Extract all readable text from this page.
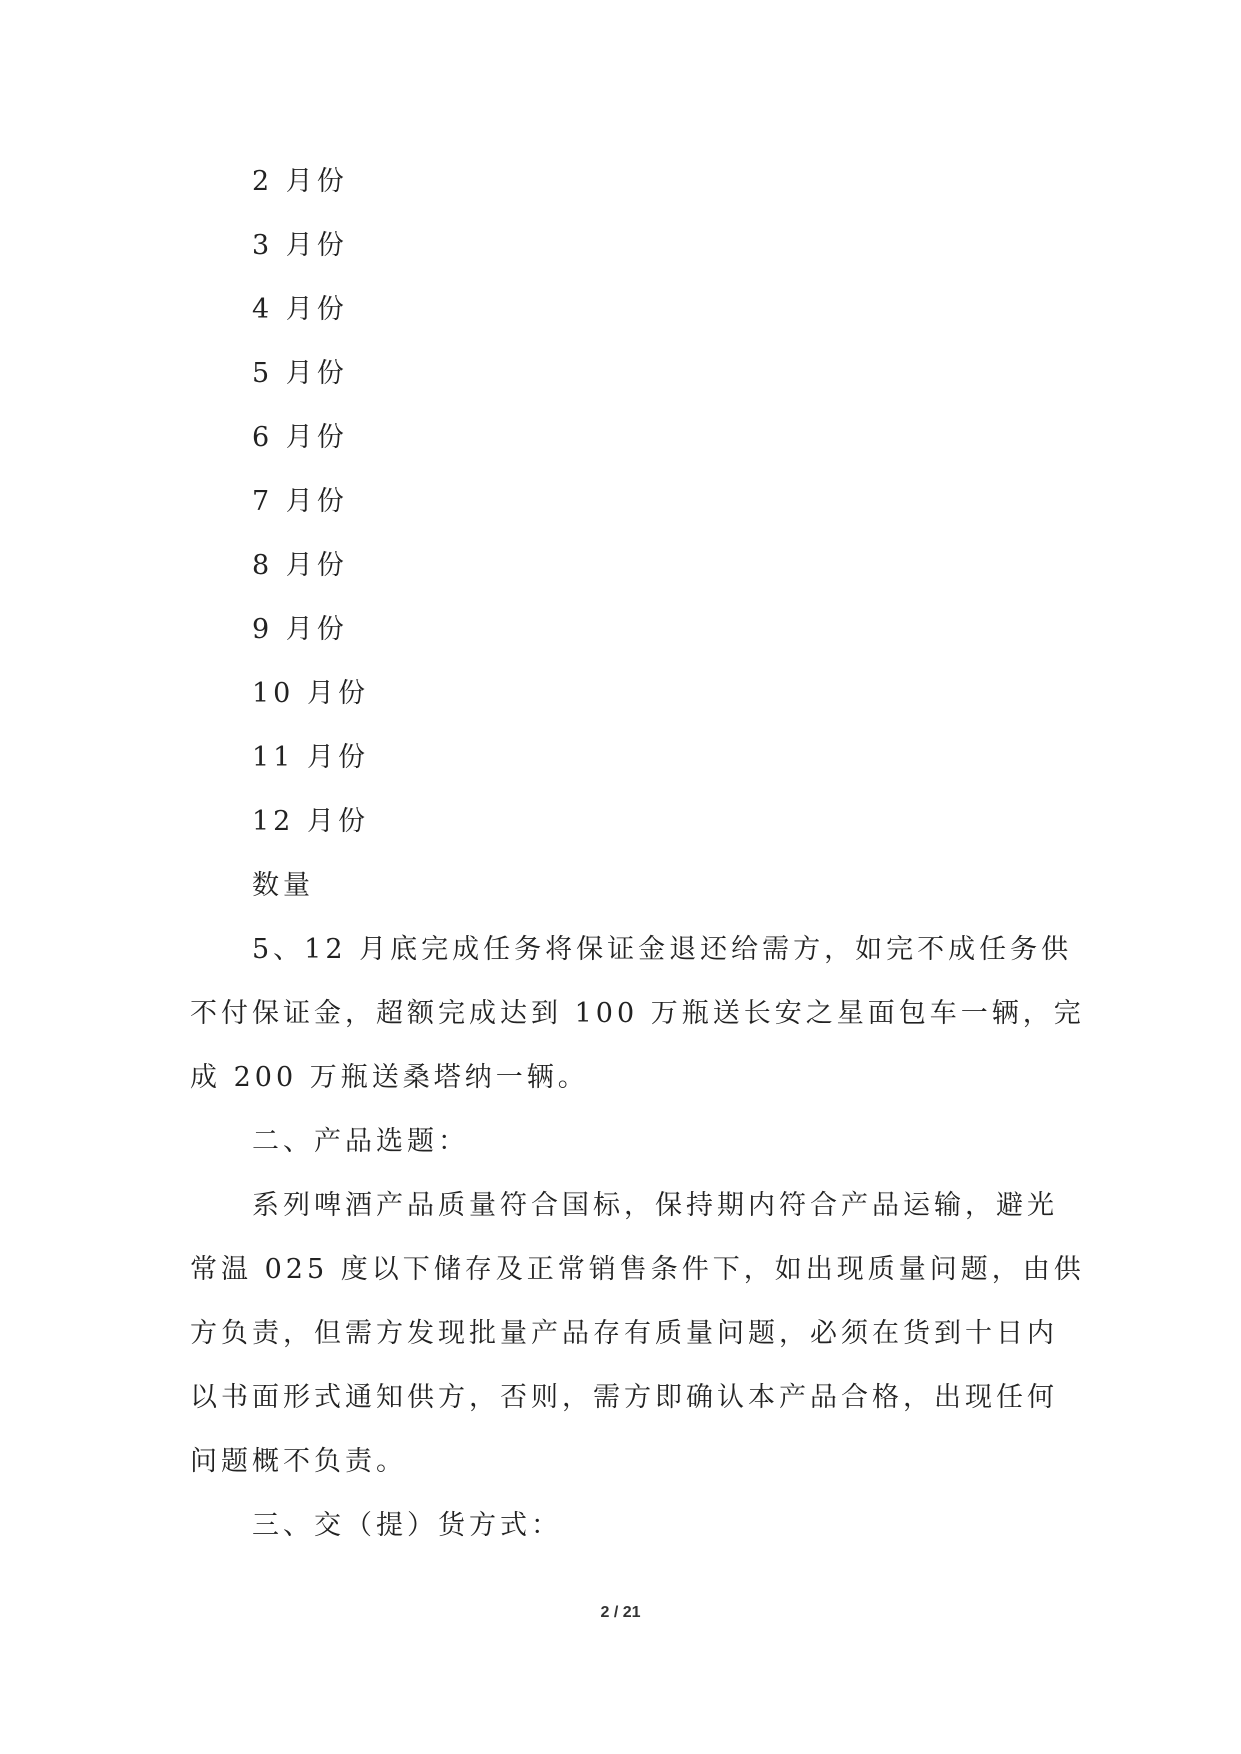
2 月份
3 月份
4 月份
5 月份
6 月份
7 月份
8 月份
9 月份
10 月份
11 月份
12 月份
数量
5、12 月底完成任务将保证金退还给需方，如完不成任务供
不付保证金，超额完成达到 100 万瓶送长安之星面包车一辆，完
成 200 万瓶送桑塔纳一辆。
二、产品选题：
系列啤酒产品质量符合国标，保持期内符合产品运输，避光
常温 025 度以下储存及正常销售条件下，如出现质量问题，由供
方负责，但需方发现批量产品存有质量问题，必须在货到十日内
以书面形式通知供方，否则，需方即确认本产品合格，出现任何
问题概不负责。
三、交（提）货方式：
2 / 21
